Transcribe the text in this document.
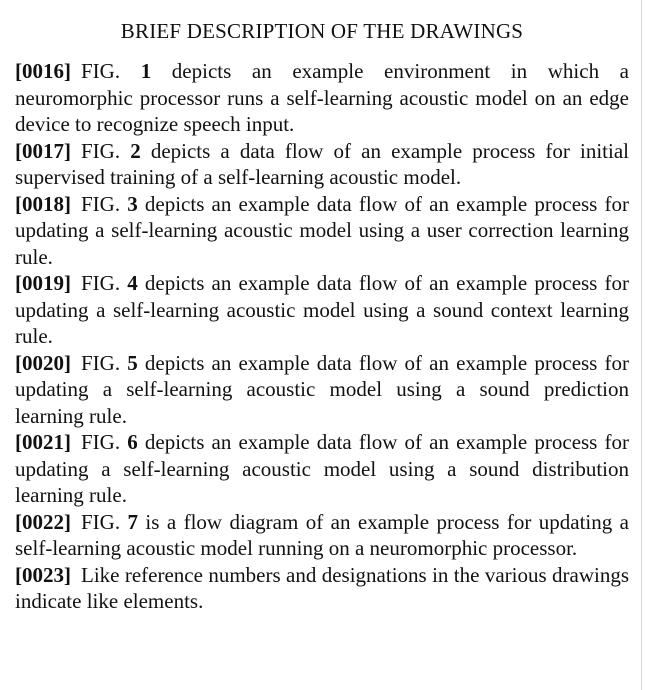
BRIEF DESCRIPTION OF THE DRAWINGS

[0016] FIG. 1 depicts an example environment in which a neuromorphic processor runs a self-learning acoustic model on an edge device to recognize speech input.

[0017] FIG. 2 depicts a data flow of an example process for initial supervised training of a self-learning acoustic model.

[0018] FIG. 3 depicts an example data flow of an example process for updating a self-learning acoustic model using a user correction learning rule.

[0019] FIG. 4 depicts an example data flow of an example process for updating a self-learning acoustic model using a sound context learning rule.

[0020] FIG. 5 depicts an example data flow of an example process for updating a self-learning acoustic model using a sound prediction learning rule.

[0021] FIG. 6 depicts an example data flow of an example process for updating a self-learning acoustic model using a sound distribution learning rule.

[0022] FIG. 7 is a flow diagram of an example process for updating a self-learning acoustic model running on a neuromorphic processor.

[0023] Like reference numbers and designations in the various drawings indicate like elements.
